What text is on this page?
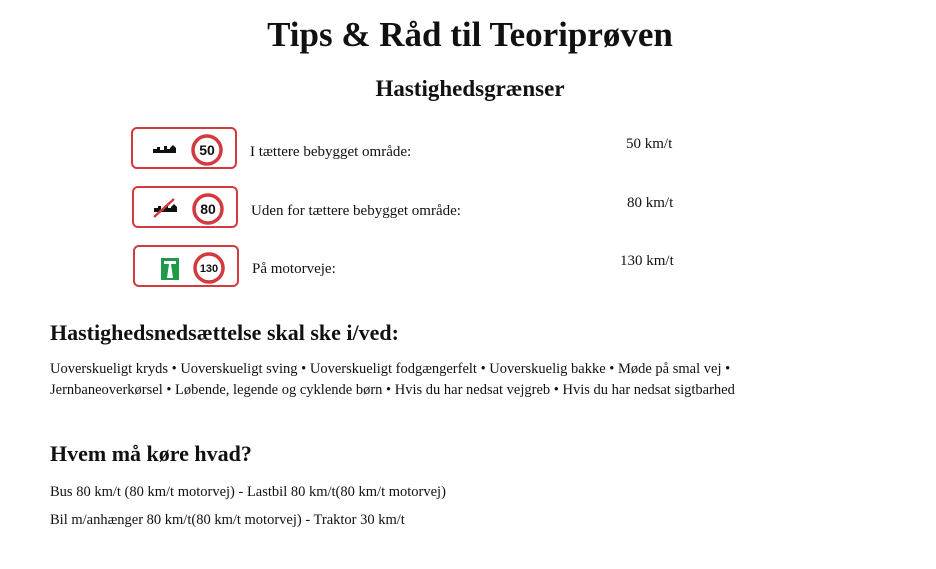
Tips & Råd til Teoriprøven
Hastighedsgrænser
50 I tættere bebygget område:	50 km/t
80 Uden for tættere bebygget område:	80 km/t
130 På motorveje:	130 km/t
Hastighedsnedsættelse skal ske i/ved:
Uoverskueligt kryds • Uoverskueligt sving • Uoverskueligt fodgængerfelt • Uoverskuelig bakke • Møde på smal vej •
Jernbaneoverkørsel • Løbende, legende og cyklende børn • Hvis du har nedsat vejgreb • Hvis du har nedsat sigtbarhed
Hvem må køre hvad?
Bus 80 km/t (80 km/t motorvej) - Lastbil 80 km/t(80 km/t motorvej)
Bil m/anhænger 80 km/t(80 km/t motorvej) - Traktor 30 km/t
